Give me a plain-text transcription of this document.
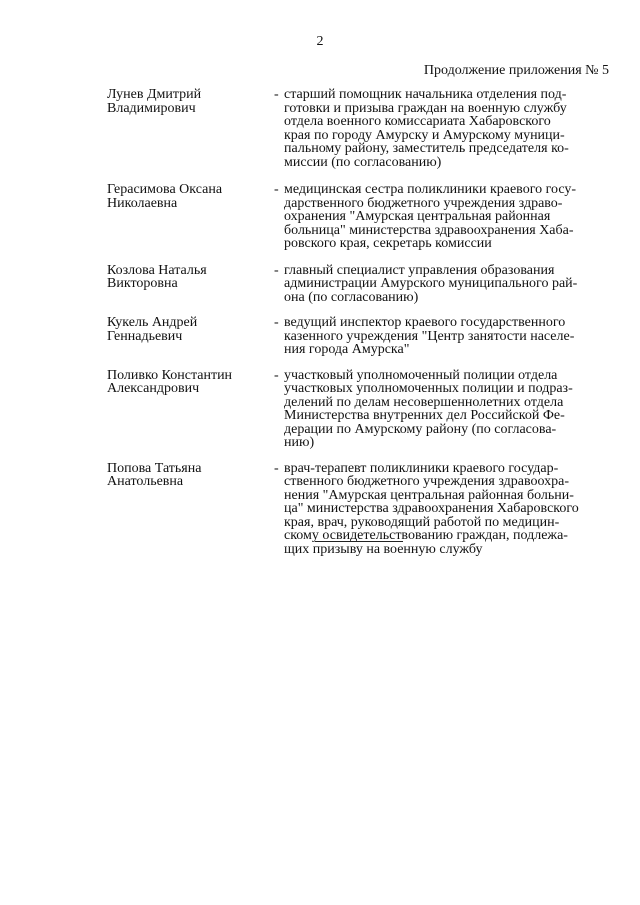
2
Продолжение приложения № 5
Лунев Дмитрий
Владимирович
- старший помощник начальника отделения под-
готовки и призыва граждан на военную службу
отдела военного комиссариата Хабаровского
края по городу Амурску и Амурскому муници-
пальному району, заместитель председателя ко-
миссии (по согласованию)
Герасимова Оксана
Николаевна
- медицинская сестра поликлиники краевого госу-
дарственного бюджетного учреждения здраво-
охранения "Амурская центральная районная
больница" министерства здравоохранения Хаба-
ровского края, секретарь комиссии
Козлова Наталья
Викторовна
- главный специалист управления образования
администрации Амурского муниципального рай-
она (по согласованию)
Кукель Андрей
Геннадьевич
- ведущий инспектор краевого государственного
казенного учреждения "Центр занятости населе-
ния города Амурска"
Поливко Константин
Александрович
- участковый уполномоченный полиции отдела
участковых уполномоченных полиции и подраз-
делений по делам несовершеннолетних отдела
Министерства внутренних дел Российской Фе-
дерации по Амурскому району (по согласова-
нию)
Попова Татьяна
Анатольевна
- врач-терапевт поликлиники краевого государ-
ственного бюджетного учреждения здравоохра-
нения "Амурская центральная районная больни-
ца" министерства здравоохранения Хабаровского
края, врач, руководящий работой по медицин-
скому освидетельствованию граждан, подлежа-
щих призыву на военную службу
